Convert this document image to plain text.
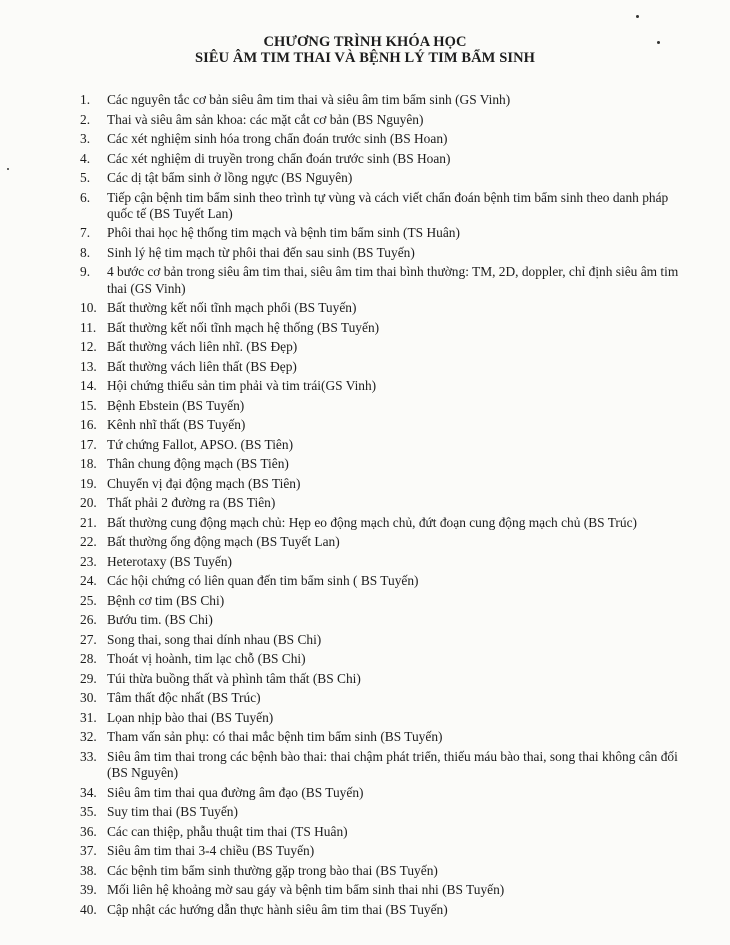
CHƯƠNG TRÌNH KHÓA HỌC
SIÊU ÂM TIM THAI VÀ BỆNH LÝ TIM BẨM SINH
1.	Các nguyên tắc cơ bản siêu âm tim thai và siêu âm tim bẩm sinh (GS Vinh)
2.	Thai và siêu âm sản khoa: các mặt cắt cơ bản (BS Nguyên)
3.	Các xét nghiệm sinh hóa trong chẩn đoán trước sinh (BS Hoan)
4.	Các xét nghiệm di truyền trong chẩn đoán trước sinh (BS Hoan)
5.	Các dị tật bẩm sinh ở lồng ngực (BS Nguyên)
6.	Tiếp cận bệnh tim bẩm sinh theo trình tự vùng và cách viết chẩn đoán bệnh tim bẩm sinh theo danh pháp quốc tế (BS Tuyết Lan)
7.	Phôi thai học hệ thống tim mạch và bệnh tim bẩm sinh (TS Huân)
8.	Sinh lý hệ tim mạch từ phôi thai đến sau sinh (BS Tuyến)
9.	4 bước cơ bản trong siêu âm tim thai, siêu âm tim thai bình thường: TM, 2D, doppler, chỉ định siêu âm tim thai (GS Vinh)
10. Bất thường kết nối tĩnh mạch phổi (BS Tuyến)
11. Bất thường kết nối tĩnh mạch hệ thống (BS Tuyến)
12. Bất thường vách liên nhĩ. (BS Đẹp)
13. Bất thường vách liên thất (BS Đẹp)
14. Hội chứng thiểu sản tim phải và tim trái(GS Vinh)
15. Bệnh Ebstein (BS Tuyến)
16. Kênh nhĩ thất (BS Tuyến)
17. Tứ chứng Fallot, APSO. (BS Tiên)
18. Thân chung động mạch (BS Tiên)
19. Chuyển vị đại động mạch (BS Tiên)
20. Thất phải 2 đường ra (BS Tiên)
21. Bất thường cung động mạch chủ: Hẹp eo động mạch chủ, đứt đoạn cung động mạch chủ (BS Trúc)
22. Bất thường ống động mạch (BS Tuyết Lan)
23. Heterotaxy (BS Tuyến)
24. Các hội chứng có liên quan đến tim bẩm sinh ( BS Tuyến)
25. Bệnh cơ tim (BS Chi)
26. Bướu tim. (BS Chi)
27. Song thai, song thai dính nhau (BS Chi)
28. Thoát vị hoành, tim lạc chỗ (BS Chi)
29. Túi thừa buồng thất và phình tâm thất (BS Chi)
30. Tâm thất độc nhất (BS Trúc)
31. Lọan nhịp bào thai (BS Tuyến)
32. Tham vấn sản phụ: có thai mắc bệnh tim bẩm sinh (BS Tuyến)
33. Siêu âm tim thai trong các bệnh bào thai: thai chậm phát triển, thiếu máu bào thai, song thai không cân đối (BS Nguyên)
34. Siêu âm tim thai qua đường âm đạo (BS Tuyến)
35. Suy tim thai (BS Tuyến)
36. Các can thiệp, phẫu thuật tim thai (TS Huân)
37. Siêu âm tim thai 3-4 chiều (BS Tuyến)
38. Các bệnh tim bẩm sinh thường gặp trong bào thai (BS Tuyến)
39. Mối liên hệ khoảng mờ sau gáy và bệnh tim bẩm sinh thai nhi (BS Tuyến)
40. Cập nhật các hướng dẫn thực hành siêu âm tim thai (BS Tuyến)
